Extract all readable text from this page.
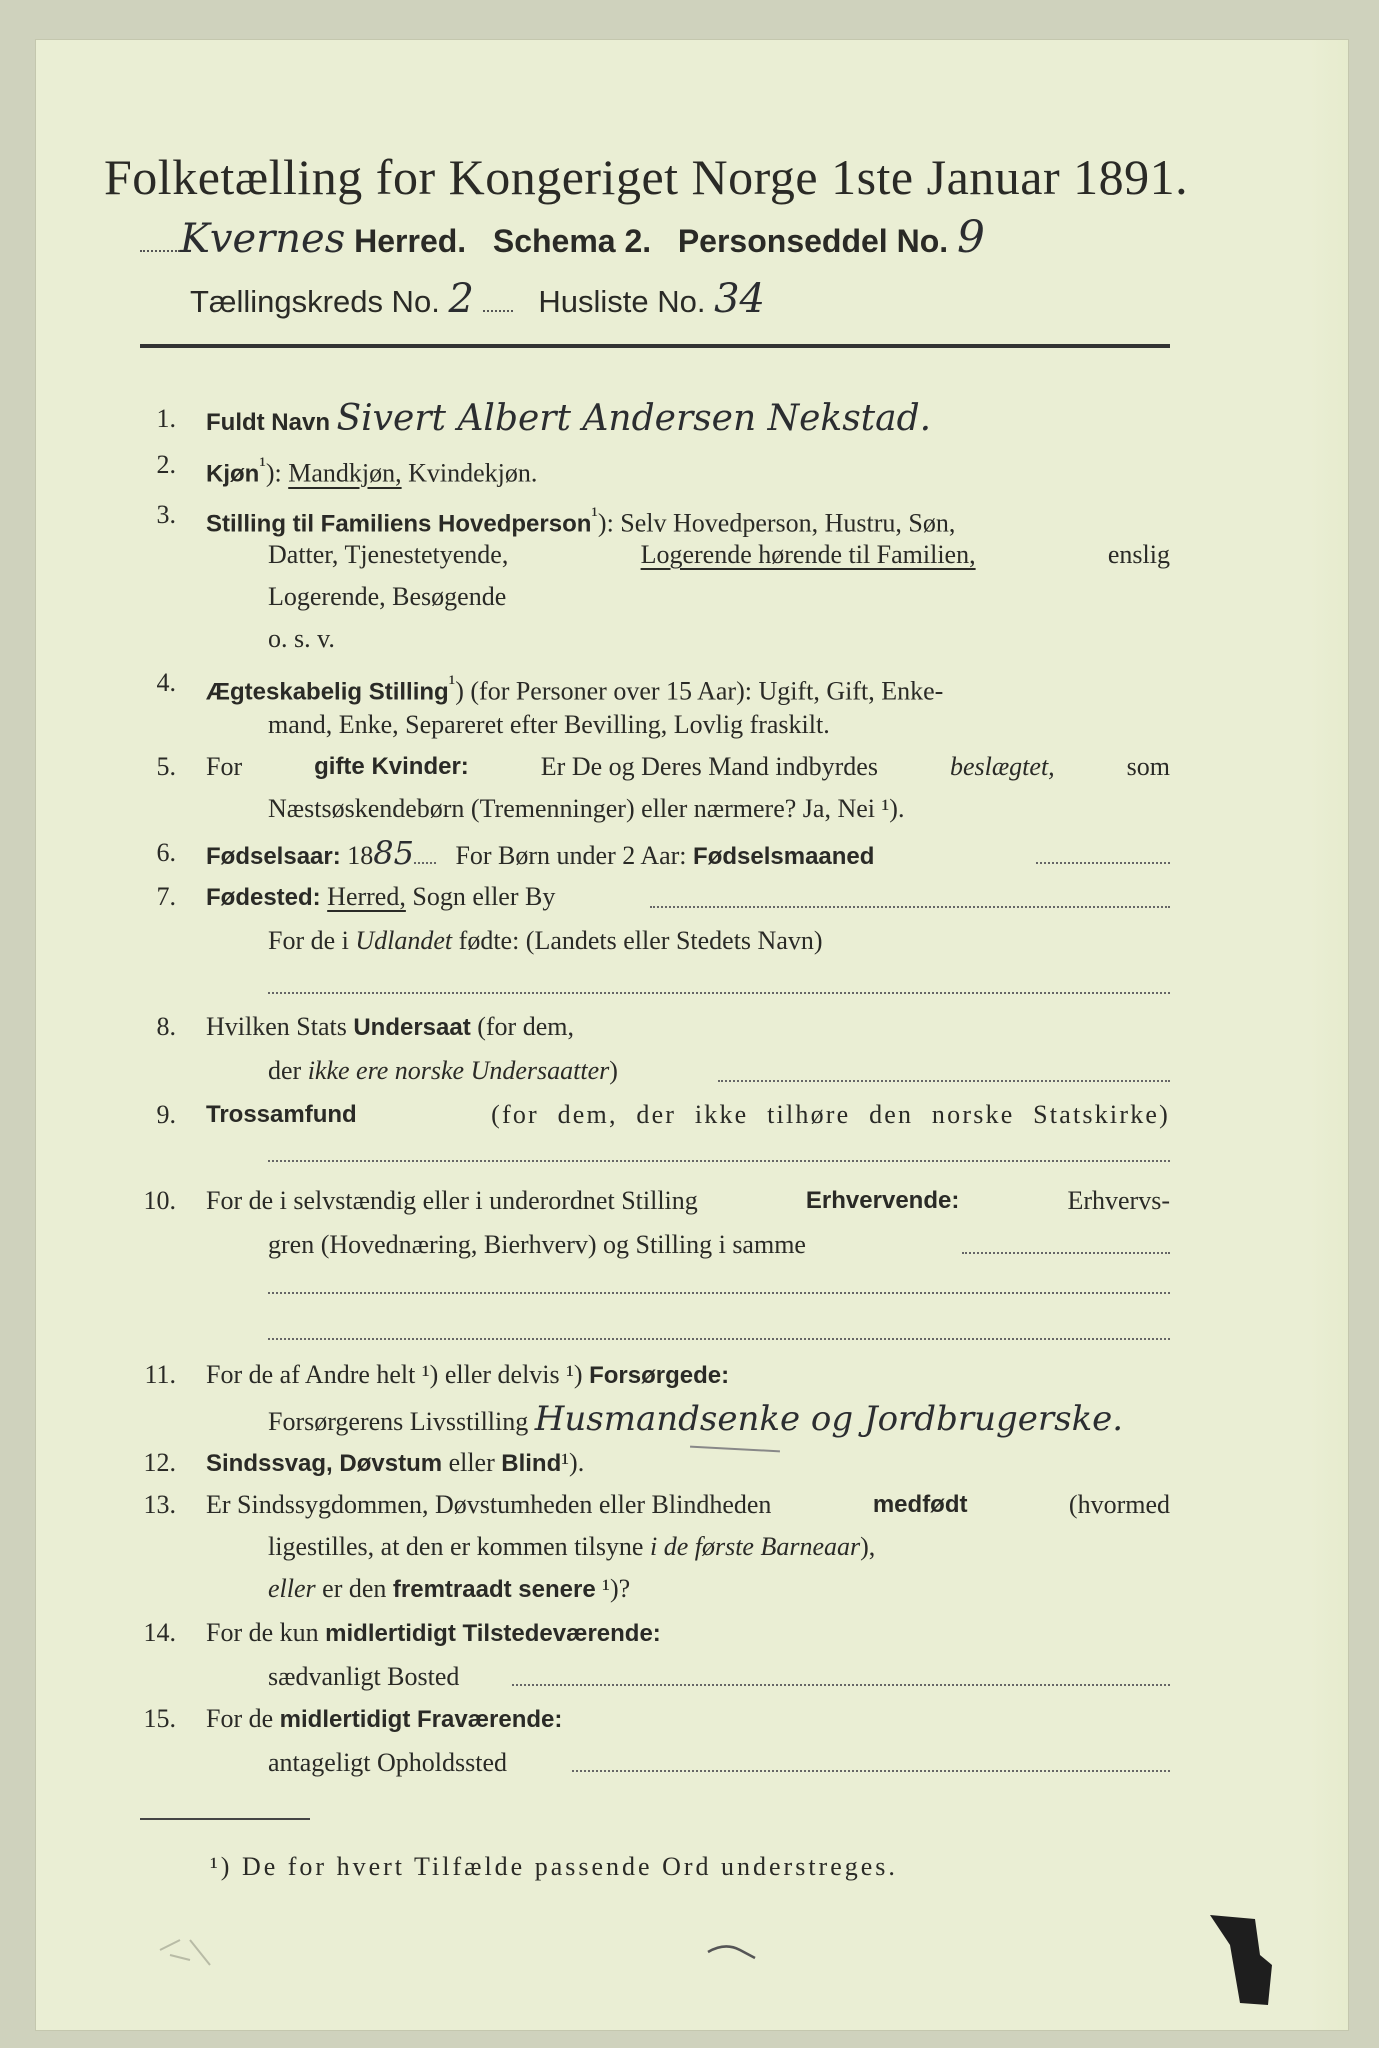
Folketælling for Kongeriget Norge 1ste Januar 1891.
Kvernes Herred. Schema 2. Personseddel No. 9
Tællingskreds No. 2 Husliste No. 34
1. Fuldt Navn Sivert Albert Andersen Nekstad.
2. Kjøn$^{^1}$): Mandkjøn, Kvindekjøn.
3. Stilling til Familiens Hovedperson$^{^1}$): Selv Hovedperson, Hustru, Søn,
Datter, Tjenestetyende,	Logerende hørende til Familien,	enslig
Logerende, Besøgende
o. s. v.
4. Ægteskabelig Stilling$^{^1}$) (for Personer over 15 Aar): Ugift, Gift, Enke-
mand, Enke, Separeret efter Bevilling, Lovlig fraskilt.
5. For	gifte Kvinder:	Er De og Deres Mand indbyrdes	beslægtet,	som
Næstsøskendebørn (Tremenninger) eller nærmere? Ja, Nei ¹).
6. Fødselsaar: 1885 For Børn under 2 Aar: Fødselsmaaned
7. Fødested: Herred, Sogn eller By
For de i Udlandet fødte: (Landets eller Stedets Navn)
8. Hvilken Stats Undersaat (for dem,
der ikke ere norske Undersaatter)
9. Trossamfund	(for dem, der ikke tilhøre den norske Statskirke)
10. For de i selvstændig eller i underordnet Stilling	Erhvervende:	Erhvervs-
gren (Hovednæring, Bierhverv) og Stilling i samme
11. For de af Andre helt ¹) eller delvis ¹) Forsørgede:
Forsørgerens Livsstilling Husmandsenke og Jordbrugerske.
12. Sindssvag, Døvstum eller Blind¹).
13. Er Sindssygdommen, Døvstumheden eller Blindheden	medfødt	(hvormed
ligestilles, at den er kommen tilsyne i de første Barneaar),
eller er den fremtraadt senere ¹)?
14. For de kun midlertidigt Tilstedeværende:
sædvanligt Bosted
15. For de midlertidigt Fraværende:
antageligt Opholdssted
¹) De for hvert Tilfælde passende Ord understreges.
